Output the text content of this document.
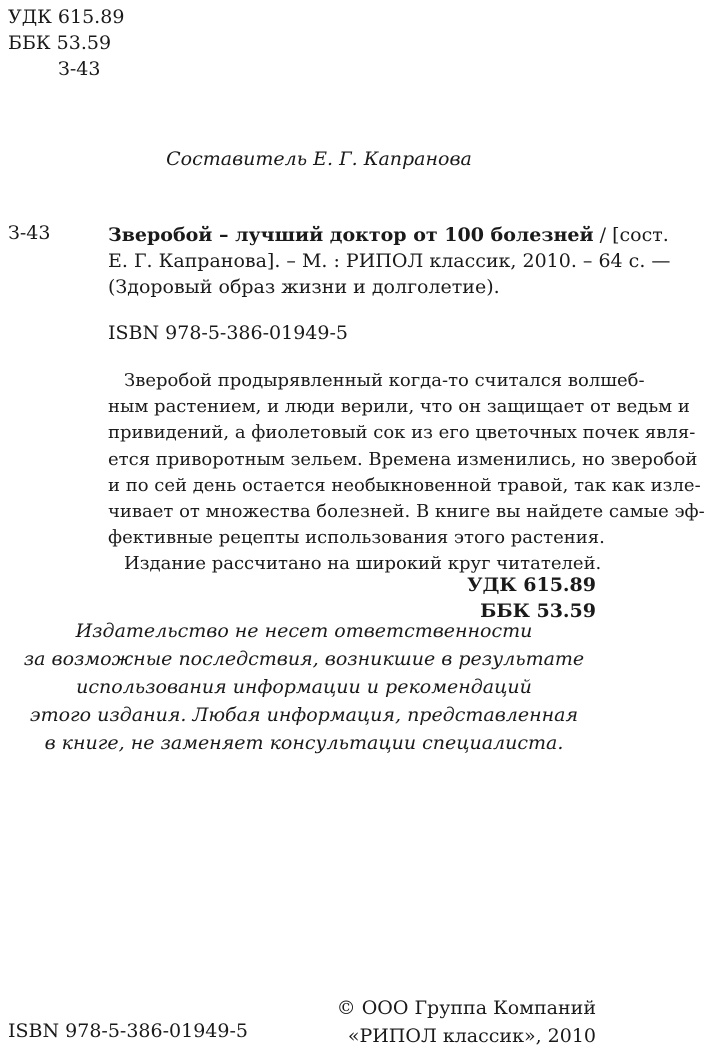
УДК 615.89
ББК 53.59
З-43
Составитель Е. Г. Капранова
З-43	Зверобой – лучший доктор от 100 болезней / [сост.
Е. Г. Капранова]. – М. : РИПОЛ классик, 2010. – 64 с. —
(Здоровый образ жизни и долголетие).
ISBN 978-5-386-01949-5
Зверобой продырявленный когда-то считался волшеб-
ным растением, и люди верили, что он защищает от ведьм и
привидений, а фиолетовый сок из его цветочных почек явля-
ется приворотным зельем. Времена изменились, но зверобой
и по сей день остается необыкновенной травой, так как изле-
чивает от множества болезней. В книге вы найдете самые эф-
фективные рецепты использования этого растения.
Издание рассчитано на широкий круг читателей.
УДК 615.89
ББК 53.59
Издательство не несет ответственности
за возможные последствия, возникшие в результате
использования информации и рекомендаций
этого издания. Любая информация, представленная
в книге, не заменяет консультации специалиста.
© ООО Группа Компаний
«РИПОЛ классик», 2010
ISBN 978-5-386-01949-5
